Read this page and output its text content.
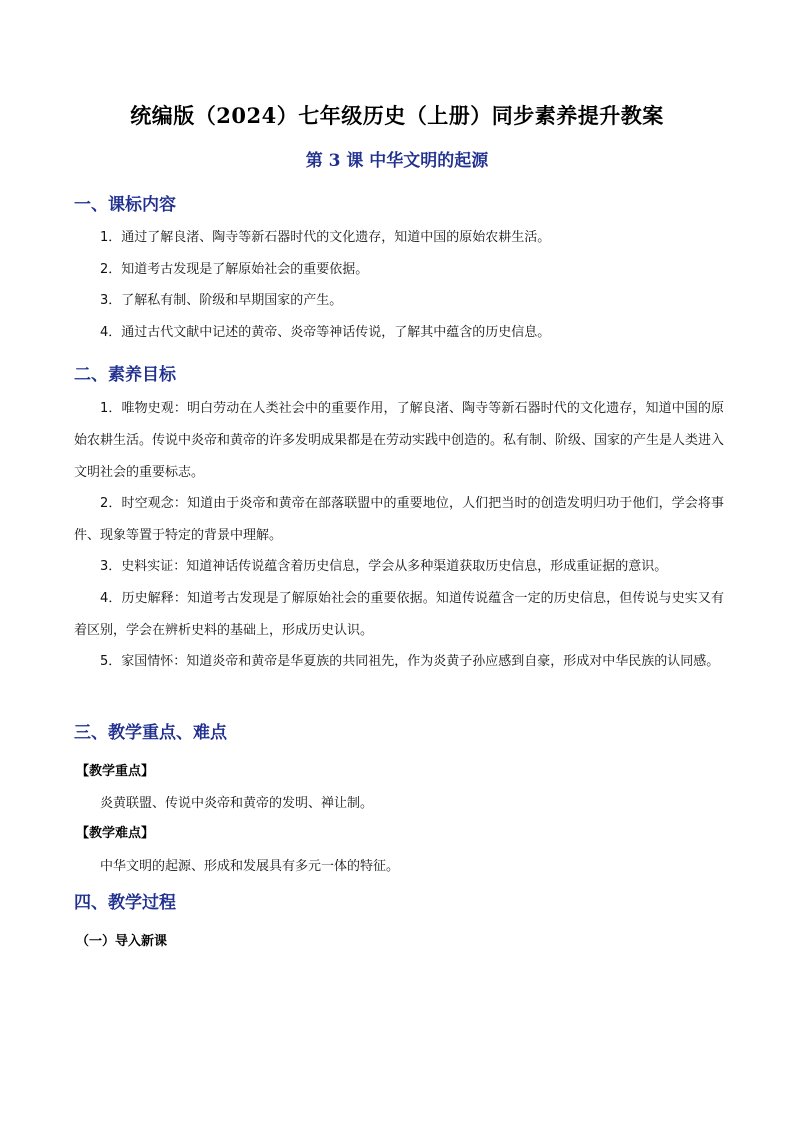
统编版（2024）七年级历史（上册）同步素养提升教案
第 3 课 中华文明的起源
一、课标内容
1．通过了解良渚、陶寺等新石器时代的文化遗存，知道中国的原始农耕生活。
2．知道考古发现是了解原始社会的重要依据。
3．了解私有制、阶级和早期国家的产生。
4．通过古代文献中记述的黄帝、炎帝等神话传说，了解其中蕴含的历史信息。
二、素养目标
1．唯物史观：明白劳动在人类社会中的重要作用，了解良渚、陶寺等新石器时代的文化遗存，知道中国的原始农耕生活。传说中炎帝和黄帝的许多发明成果都是在劳动实践中创造的。私有制、阶级、国家的产生是人类进入文明社会的重要标志。
2．时空观念：知道由于炎帝和黄帝在部落联盟中的重要地位，人们把当时的创造发明归功于他们，学会将事件、现象等置于特定的背景中理解。
3．史料实证：知道神话传说蕴含着历史信息，学会从多种渠道获取历史信息，形成重证据的意识。
4．历史解释：知道考古发现是了解原始社会的重要依据。知道传说蕴含一定的历史信息，但传说与史实又有着区别，学会在辨析史料的基础上，形成历史认识。
5．家国情怀：知道炎帝和黄帝是华夏族的共同祖先，作为炎黄子孙应感到自豪，形成对中华民族的认同感。
三、教学重点、难点
【教学重点】
炎黄联盟、传说中炎帝和黄帝的发明、禅让制。
【教学难点】
中华文明的起源、形成和发展具有多元一体的特征。
四、教学过程
（一）导入新课
